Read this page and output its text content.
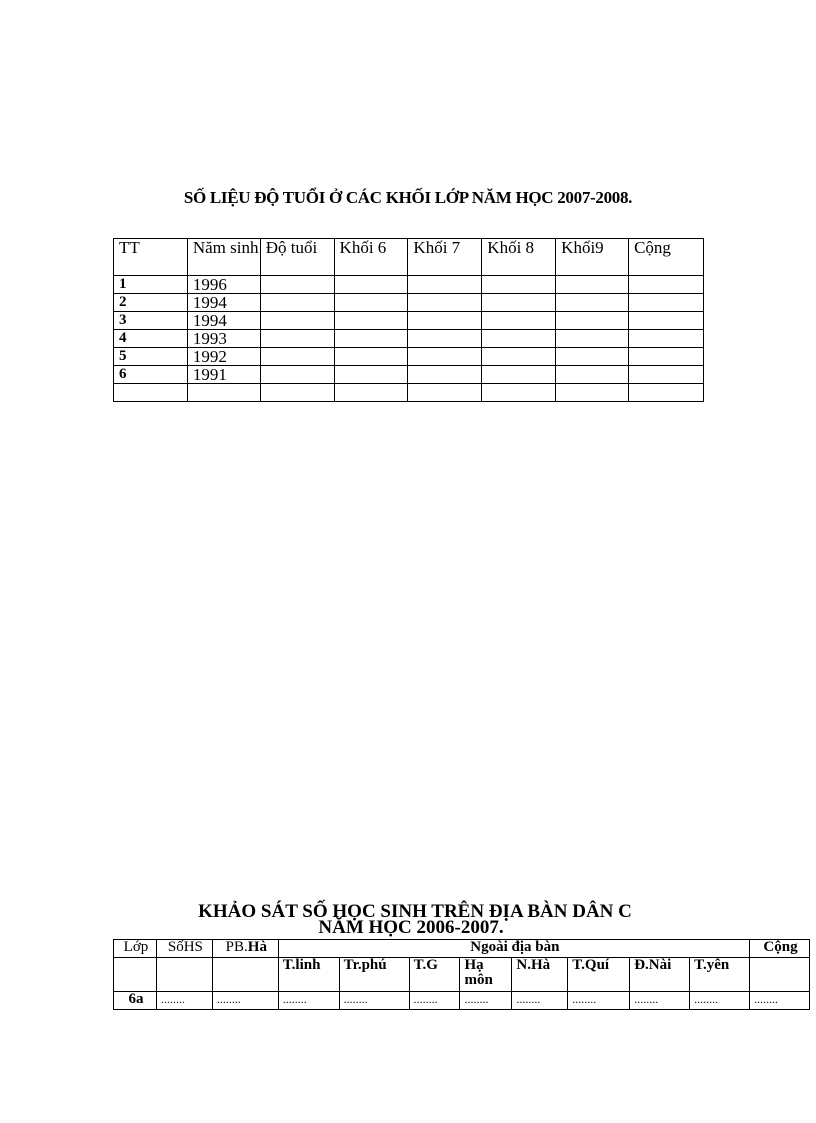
SỐ LIỆU ĐỘ TUỔI Ở CÁC KHỐI LỚP NĂM HỌC 2007-2008.
TT	Năm sinh	Độ tuổi	Khối 6	Khối 7	Khối 8	Khối9	Cộng
1	1996						
2	1994						
3	1994						
4	1993						
5	1992						
6	1991						

KHẢO SÁT SỐ HỌC SINH TRÊN ĐỊA BÀN DÂN C
NĂM HỌC 2006-2007.
Lớp	SốHS	PB.Hà	Ngoài địa bàn								Cộng
			T.linh	Tr.phú	T.G	Hạ môn	N.Hà	T.Quí	Đ.Nài	T.yên	
6a	........	........	........	........	........	........	........	........	........	........	........
